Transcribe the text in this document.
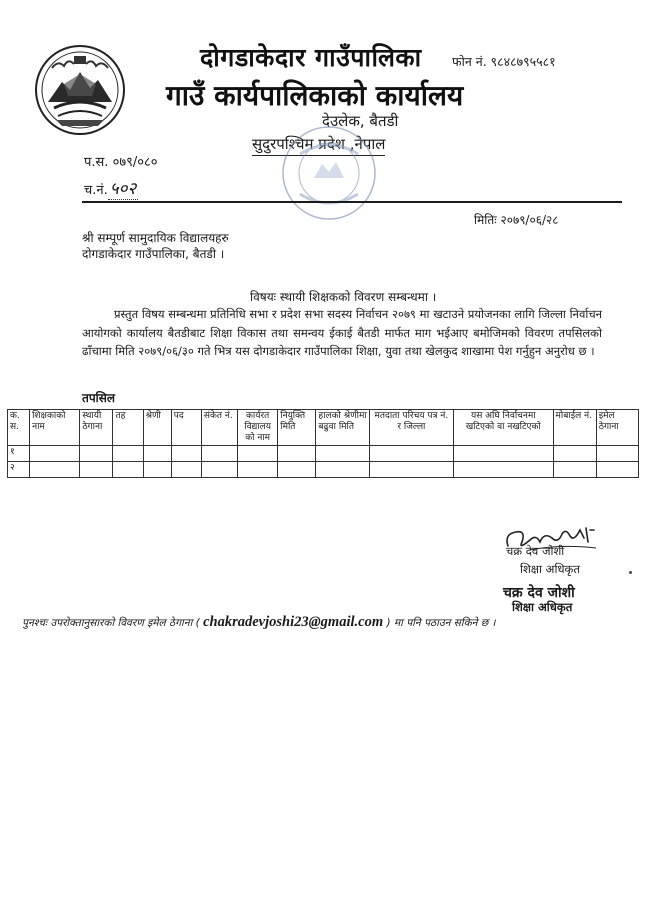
दोगडाकेदार गाउँपालिका फोन नं. ९८४८७९५५८१
गाउँ कार्यपालिकाको कार्यालय
देउलेक, बैतडी
सुदुरपश्चिम प्रदेश ,नेपाल
प.स. ०७९/०८०
च.नं. ५०२
मितिः २०७९/०६/२८
श्री सम्पूर्ण सामुदायिक विद्यालयहरु
दोगडाकेदार गाउँपालिका, बैतडी ।
विषयः स्थायी शिक्षकको विवरण सम्बन्धमा ।
प्रस्तुत विषय सम्बन्धमा प्रतिनिधि सभा र प्रदेश सभा सदस्य निर्वाचन २०७९ मा खटाउने प्रयोजनका लागि जिल्ला निर्वाचन आयोगको कार्यालय बैतडीबाट शिक्षा विकास तथा समन्वय ईकाई बैतडी मार्फत माग भईआए बमोजिमको विवरण तपसिलको ढाँचामा मिति २०७९/०६/३० गते भित्र यस दोगडाकेदार गाउँपालिका शिक्षा, युवा तथा खेलकुद शाखामा पेश गर्नुहुन अनुरोध छ ।
तपसिल
क. स.	शिक्षकाको नाम	स्थायी ठेगाना	तह	श्रेणी	पद	संकेत नं.	कार्यरत विद्यालय को नाम	नियुक्ति मिति	हालको श्रेणीमा बढुवा मिति	मतदाता परिचय पत्र नं. र जिल्ला	यस अघि निर्वाचनमा खटिएको वा नखटिएको	मोबाईल नं.	इमेल ठेगाना
१													
२													
चक्र देव जोशी
शिक्षा अधिकृत
चक्र देव जोशी
शिक्षा अधिकृत
पुनश्चः उपरोक्तानुसारको विवरण इमेल ठेगाना ( chakradevjoshi23@gmail.com ) मा पनि पठाउन सकिने छ ।
